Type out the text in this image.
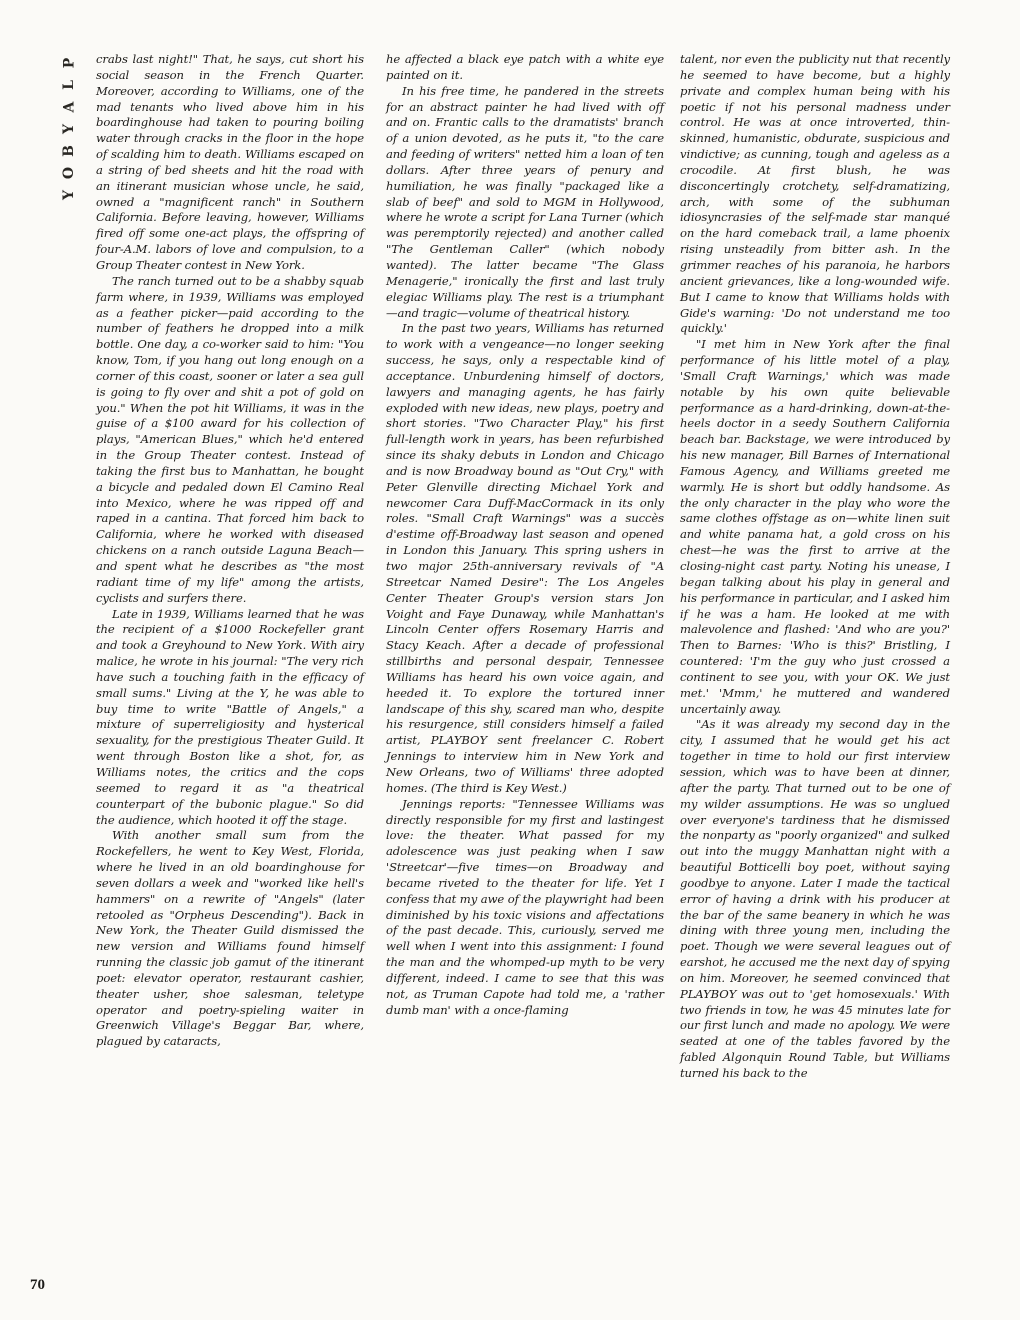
P
L
A
Y
B
O
Y

crabs last night!" That, he says, cut short his social season in the French Quarter. Moreover, according to Williams, one of the mad tenants who lived above him in his boardinghouse had taken to pouring boiling water through cracks in the floor in the hope of scalding him to death. Williams escaped on a string of bed sheets and hit the road with an itinerant musician whose uncle, he said, owned a "magnificent ranch" in Southern California. Before leaving, however, Williams fired off some one-act plays, the offspring of four-A.M. labors of love and compulsion, to a Group Theater contest in New York.

The ranch turned out to be a shabby squab farm where, in 1939, Williams was employed as a feather picker—paid according to the number of feathers he dropped into a milk bottle. One day, a co-worker said to him: "You know, Tom, if you hang out long enough on a corner of this coast, sooner or later a sea gull is going to fly over and shit a pot of gold on you." When the pot hit Williams, it was in the guise of a $100 award for his collection of plays, "American Blues," which he'd entered in the Group Theater contest. Instead of taking the first bus to Manhattan, he bought a bicycle and pedaled down El Camino Real into Mexico, where he was ripped off and raped in a cantina. That forced him back to California, where he worked with diseased chickens on a ranch outside Laguna Beach—and spent what he describes as "the most radiant time of my life" among the artists, cyclists and surfers there.

Late in 1939, Williams learned that he was the recipient of a $1000 Rockefeller grant and took a Greyhound to New York. With airy malice, he wrote in his journal: "The very rich have such a touching faith in the efficacy of small sums." Living at the Y, he was able to buy time to write "Battle of Angels," a mixture of superreligiosity and hysterical sexuality, for the prestigious Theater Guild. It went through Boston like a shot, for, as Williams notes, the critics and the cops seemed to regard it as "a theatrical counterpart of the bubonic plague." So did the audience, which hooted it off the stage.

With another small sum from the Rockefellers, he went to Key West, Florida, where he lived in an old boardinghouse for seven dollars a week and "worked like hell's hammers" on a rewrite of "Angels" (later retooled as "Orpheus Descending"). Back in New York, the Theater Guild dismissed the new version and Williams found himself running the classic job gamut of the itinerant poet: elevator operator, restaurant cashier, theater usher, shoe salesman, teletype operator and poetry-spieling waiter in Greenwich Village's Beggar Bar, where, plagued by cataracts,

he affected a black eye patch with a white eye painted on it.

In his free time, he pandered in the streets for an abstract painter he had lived with off and on. Frantic calls to the dramatists' branch of a union devoted, as he puts it, "to the care and feeding of writers" netted him a loan of ten dollars. After three years of penury and humiliation, he was finally "packaged like a slab of beef" and sold to MGM in Hollywood, where he wrote a script for Lana Turner (which was peremptorily rejected) and another called "The Gentleman Caller" (which nobody wanted). The latter became "The Glass Menagerie," ironically the first and last truly elegiac Williams play. The rest is a triumphant—and tragic—volume of theatrical history.

In the past two years, Williams has returned to work with a vengeance—no longer seeking success, he says, only a respectable kind of acceptance. Unburdening himself of doctors, lawyers and managing agents, he has fairly exploded with new ideas, new plays, poetry and short stories. "Two Character Play," his first full-length work in years, has been refurbished since its shaky debuts in London and Chicago and is now Broadway bound as "Out Cry," with Peter Glenville directing Michael York and newcomer Cara Duff-MacCormack in its only roles. "Small Craft Warnings" was a succès d'estime off-Broadway last season and opened in London this January. This spring ushers in two major 25th-anniversary revivals of "A Streetcar Named Desire": The Los Angeles Center Theater Group's version stars Jon Voight and Faye Dunaway, while Manhattan's Lincoln Center offers Rosemary Harris and Stacy Keach. After a decade of professional stillbirths and personal despair, Tennessee Williams has heard his own voice again, and heeded it. To explore the tortured inner landscape of this shy, scared man who, despite his resurgence, still considers himself a failed artist, PLAYBOY sent freelancer C. Robert Jennings to interview him in New York and New Orleans, two of Williams' three adopted homes. (The third is Key West.)

Jennings reports: "Tennessee Williams was directly responsible for my first and lastingest love: the theater. What passed for my adolescence was just peaking when I saw 'Streetcar'—five times—on Broadway and became riveted to the theater for life. Yet I confess that my awe of the playwright had been diminished by his toxic visions and affectations of the past decade. This, curiously, served me well when I went into this assignment: I found the man and the whomped-up myth to be very different, indeed. I came to see that this was not, as Truman Capote had told me, a 'rather dumb man' with a once-flaming

talent, nor even the publicity nut that recently he seemed to have become, but a highly private and complex human being with his poetic if not his personal madness under control. He was at once introverted, thin-skinned, humanistic, obdurate, suspicious and vindictive; as cunning, tough and ageless as a crocodile. At first blush, he was disconcertingly crotchety, self-dramatizing, arch, with some of the subhuman idiosyncrasies of the self-made star manqué on the hard comeback trail, a lame phoenix rising unsteadily from bitter ash. In the grimmer reaches of his paranoia, he harbors ancient grievances, like a long-wounded wife. But I came to know that Williams holds with Gide's warning: 'Do not understand me too quickly.'

"I met him in New York after the final performance of his little motel of a play, 'Small Craft Warnings,' which was made notable by his own quite believable performance as a hard-drinking, down-at-the-heels doctor in a seedy Southern California beach bar. Backstage, we were introduced by his new manager, Bill Barnes of International Famous Agency, and Williams greeted me warmly. He is short but oddly handsome. As the only character in the play who wore the same clothes offstage as on—white linen suit and white panama hat, a gold cross on his chest—he was the first to arrive at the closing-night cast party. Noting his unease, I began talking about his play in general and his performance in particular, and I asked him if he was a ham. He looked at me with malevolence and flashed: 'And who are you?' Then to Barnes: 'Who is this?' Bristling, I countered: 'I'm the guy who just crossed a continent to see you, with your OK. We just met.' 'Mmm,' he muttered and wandered uncertainly away.

"As it was already my second day in the city, I assumed that he would get his act together in time to hold our first interview session, which was to have been at dinner, after the party. That turned out to be one of my wilder assumptions. He was so unglued over everyone's tardiness that he dismissed the nonparty as "poorly organized" and sulked out into the muggy Manhattan night with a beautiful Botticelli boy poet, without saying goodbye to anyone. Later I made the tactical error of having a drink with his producer at the bar of the same beanery in which he was dining with three young men, including the poet. Though we were several leagues out of earshot, he accused me the next day of spying on him. Moreover, he seemed convinced that PLAYBOY was out to 'get homosexuals.' With two friends in tow, he was 45 minutes late for our first lunch and made no apology. We were seated at one of the tables favored by the fabled Algonquin Round Table, but Williams turned his back to the

70
